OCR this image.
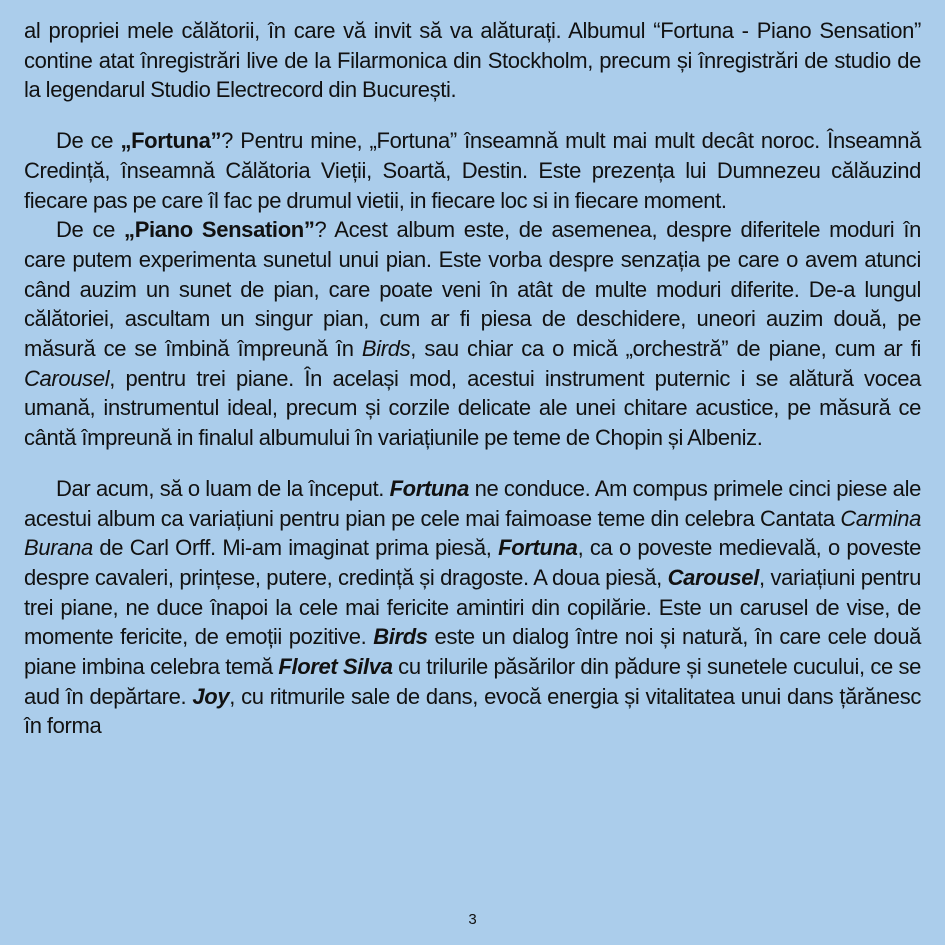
al propriei mele călătorii, în care vă invit să va alăturați. Albumul “Fortuna - Piano Sensation” contine atat înregistrări live de la Filarmonica din Stockholm, precum și înregistrări de studio de la legendarul Studio Electrecord din București.

De ce „Fortuna”? Pentru mine, „Fortuna” înseamnă mult mai mult decât noroc. Înseamnă Credință, înseamnă Călătoria Vieții, Soartă, Destin. Este prezența lui Dumnezeu călăuzind fiecare pas pe care îl fac pe drumul vietii, in fiecare loc si in fiecare moment.

De ce „Piano Sensation”? Acest album este, de asemenea, despre diferitele moduri în care putem experimenta sunetul unui pian. Este vorba despre senzația pe care o avem atunci când auzim un sunet de pian, care poate veni în atât de multe moduri diferite. De-a lungul călătoriei, ascultam un singur pian, cum ar fi piesa de deschidere, uneori auzim două, pe măsură ce se îmbină împreună în Birds, sau chiar ca o mică „orchestră” de piane, cum ar fi Carousel, pentru trei piane. În același mod, acestui instrument puternic i se alătură vocea umană, instrumentul ideal, precum și corzile delicate ale unei chitare acustice, pe măsură ce cântă împreună in finalul albumului în variațiunile pe teme de Chopin și Albeniz.

Dar acum, să o luam de la început. Fortuna ne conduce. Am compus primele cinci piese ale acestui album ca variațiuni pentru pian pe cele mai faimoase teme din celebra Cantata Carmina Burana de Carl Orff. Mi-am imaginat prima piesă, Fortuna, ca o poveste medievală, o poveste despre cavaleri, prințese, putere, credință și dragoste. A doua piesă, Carousel, variațiuni pentru trei piane, ne duce înapoi la cele mai fericite amintiri din copilărie. Este un carusel de vise, de momente fericite, de emoții pozitive. Birds este un dialog între noi și natură, în care cele două piane imbina celebra temă Floret Silva cu trilurile păsărilor din pădure și sunetele cucului, ce se aud în depărtare. Joy, cu ritmurile sale de dans, evocă energia și vitalitatea unui dans țărănesc în forma

3
